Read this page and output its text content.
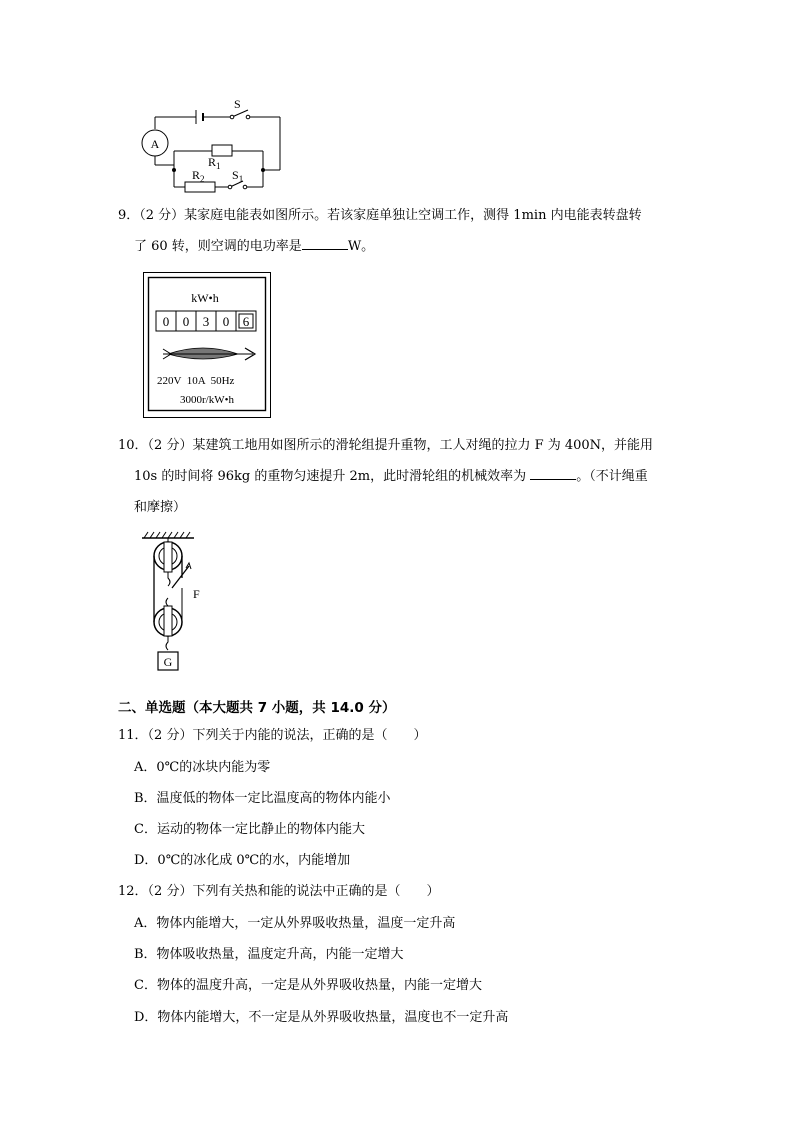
A
S
$R_1$
$R_2$ $S_1$
9．（2 分）某家庭电能表如图所示。若该家庭单独让空调工作，测得 1min 内电能表转盘转
了 60 转，则空调的电功率是	W。
kW•h
0 0 3 0 6
220V  10A  50Hz
3000r/kW•h
10．（2 分）某建筑工地用如图所示的滑轮组提升重物，工人对绳的拉力 F 为 400N，并能用
10s 的时间将 96kg 的重物匀速提升 2m，此时滑轮组的机械效率为	。（不计绳重
和摩擦）
F
G
二、单选题（本大题共 7 小题，共 14.0 分）
11．（2 分）下列关于内能的说法，正确的是（　　）
A．0℃的冰块内能为零
B．温度低的物体一定比温度高的物体内能小
C．运动的物体一定比静止的物体内能大
D．0℃的冰化成 0℃的水，内能增加
12．（2 分）下列有关热和能的说法中正确的是（　　）
A．物体内能增大，一定从外界吸收热量，温度一定升高
B．物体吸收热量，温度定升高，内能一定增大
C．物体的温度升高，一定是从外界吸收热量，内能一定增大
D．物体内能增大，不一定是从外界吸收热量，温度也不一定升高
